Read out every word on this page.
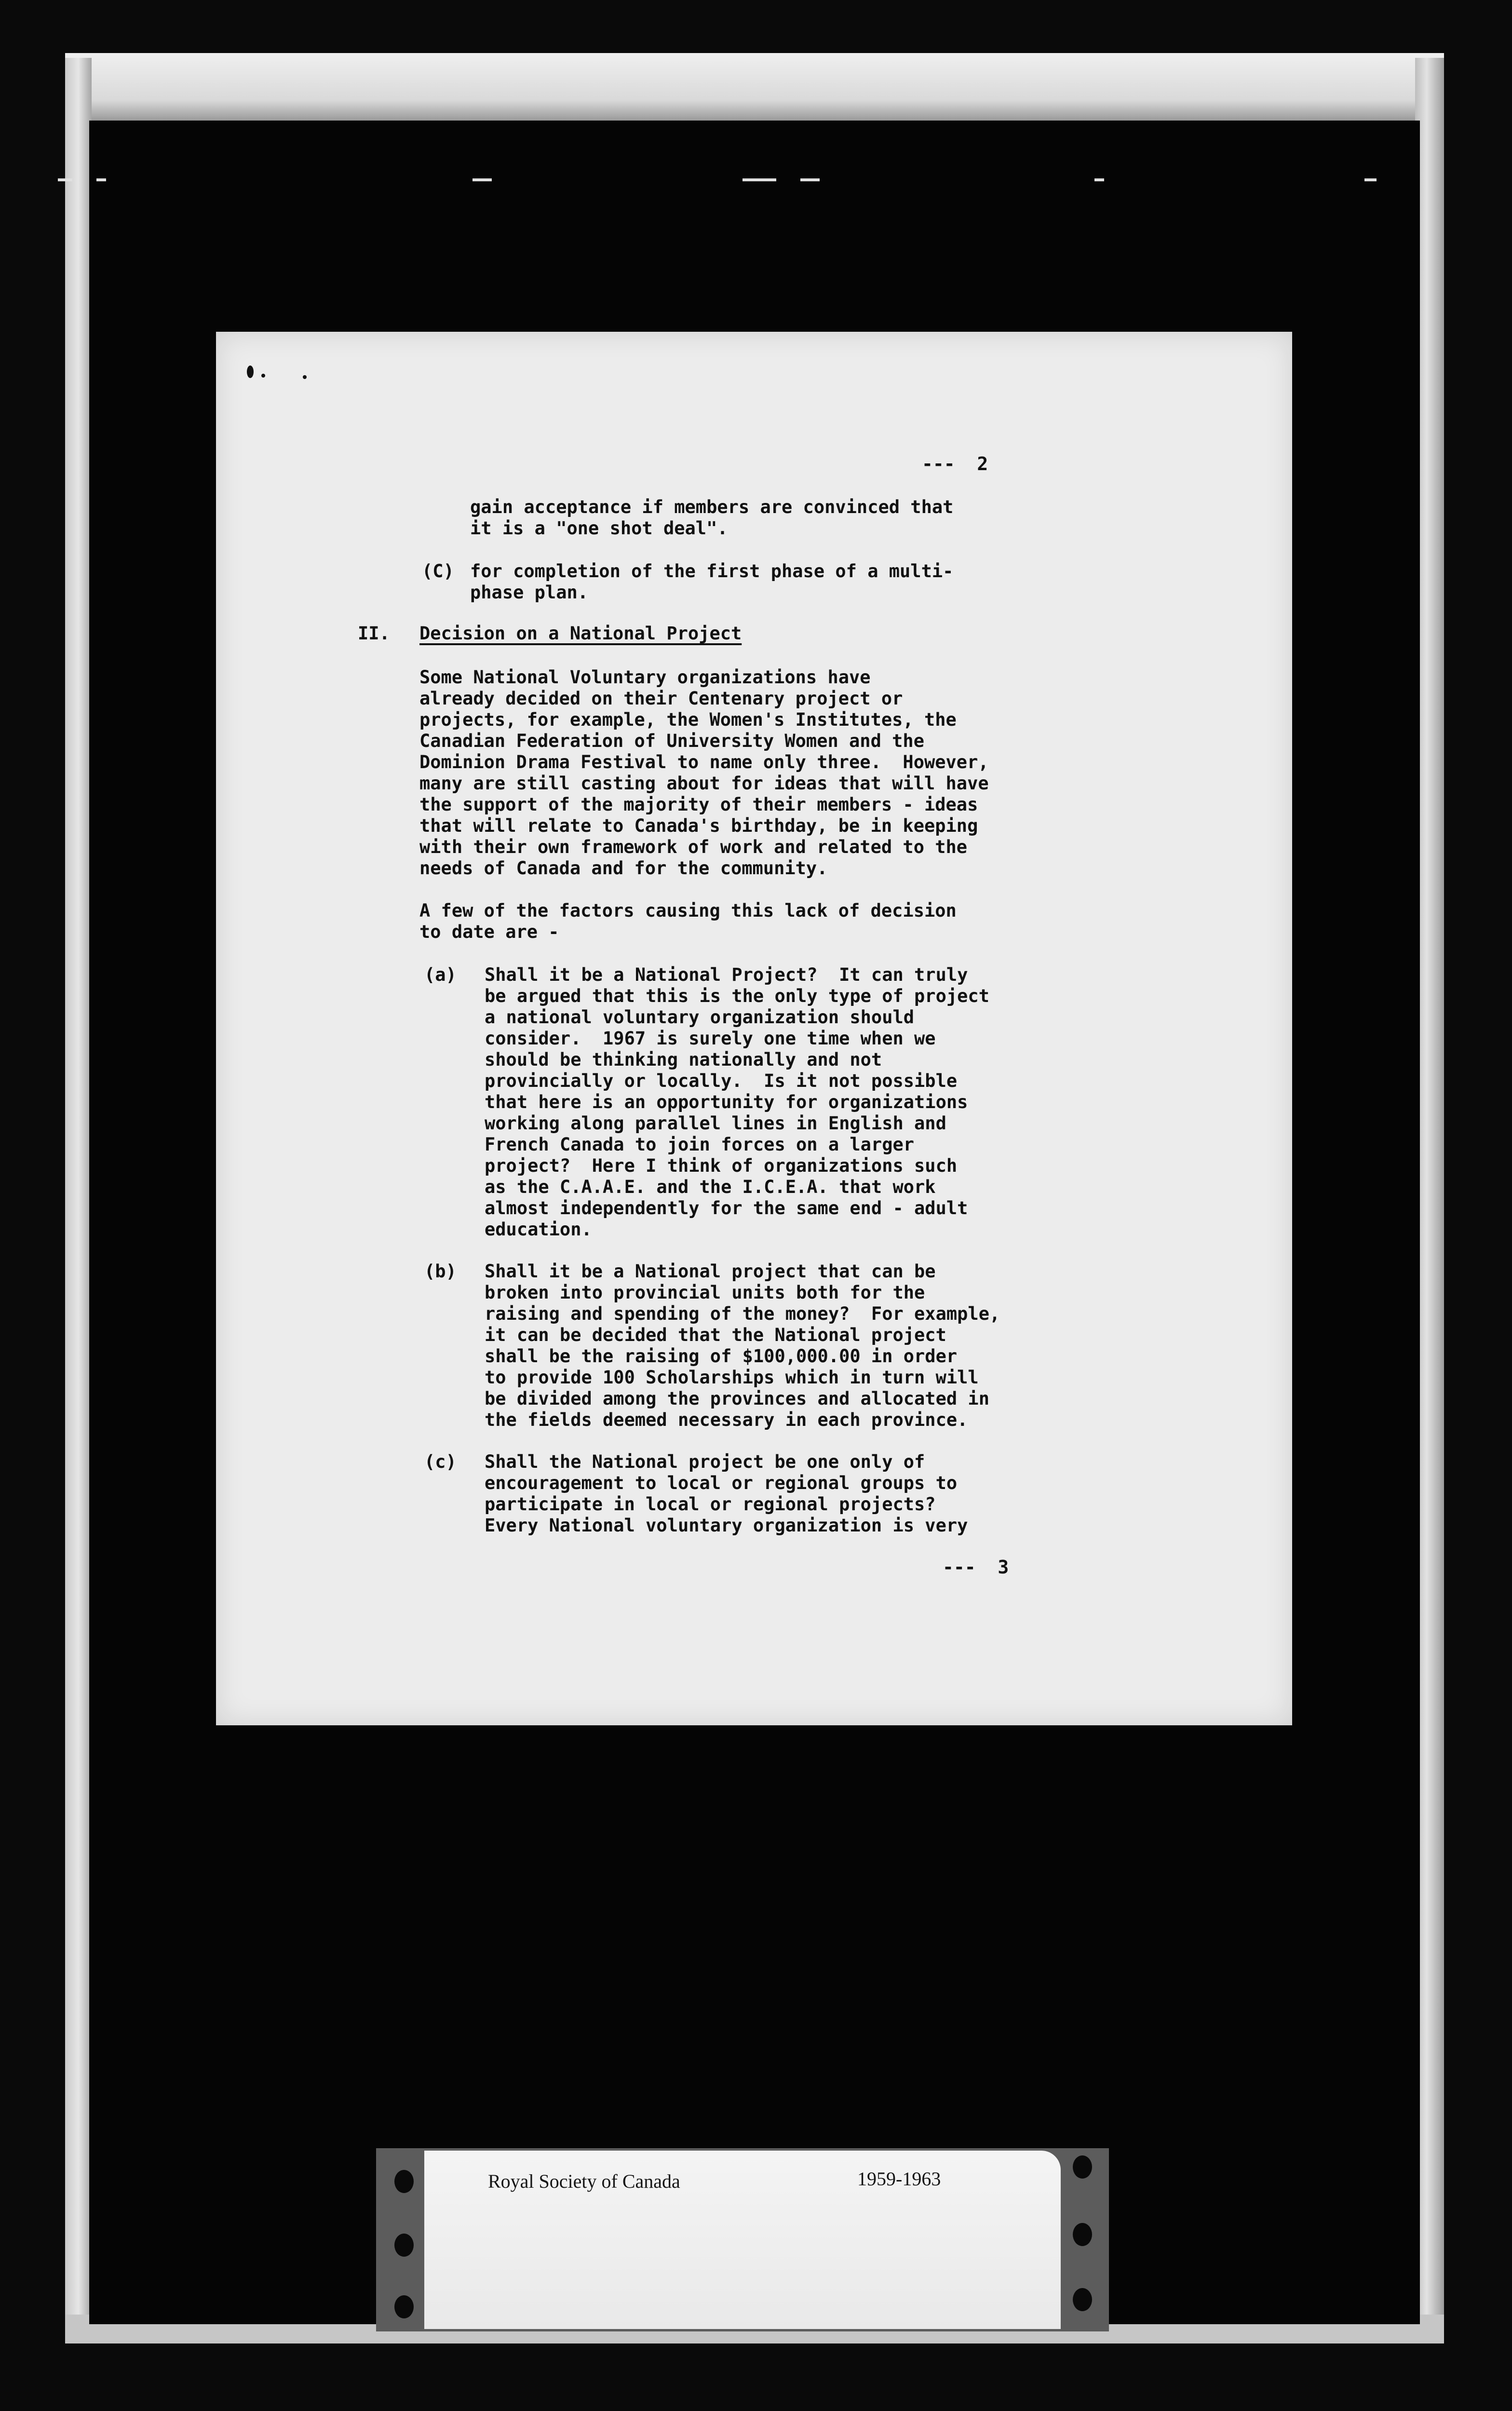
---  2
gain acceptance if members are convinced that
it is a "one shot deal".
(C) for completion of the first phase of a multi-
phase plan.
II. Decision on a National Project
Some National Voluntary organizations have
already decided on their Centenary project or
projects, for example, the Women's Institutes, the
Canadian Federation of University Women and the
Dominion Drama Festival to name only three.  However,
many are still casting about for ideas that will have
the support of the majority of their members - ideas
that will relate to Canada's birthday, be in keeping
with their own framework of work and related to the
needs of Canada and for the community.
A few of the factors causing this lack of decision
to date are -
(a) Shall it be a National Project?  It can truly
be argued that this is the only type of project
a national voluntary organization should
consider.  1967 is surely one time when we
should be thinking nationally and not
provincially or locally.  Is it not possible
that here is an opportunity for organizations
working along parallel lines in English and
French Canada to join forces on a larger
project?  Here I think of organizations such
as the C.A.A.E. and the I.C.E.A. that work
almost independently for the same end - adult
education.
(b) Shall it be a National project that can be
broken into provincial units both for the
raising and spending of the money?  For example,
it can be decided that the National project
shall be the raising of $100,000.00 in order
to provide 100 Scholarships which in turn will
be divided among the provinces and allocated in
the fields deemed necessary in each province.
(c) Shall the National project be one only of
encouragement to local or regional groups to
participate in local or regional projects?
Every National voluntary organization is very
---  3
Royal Society of Canada	1959-1963
